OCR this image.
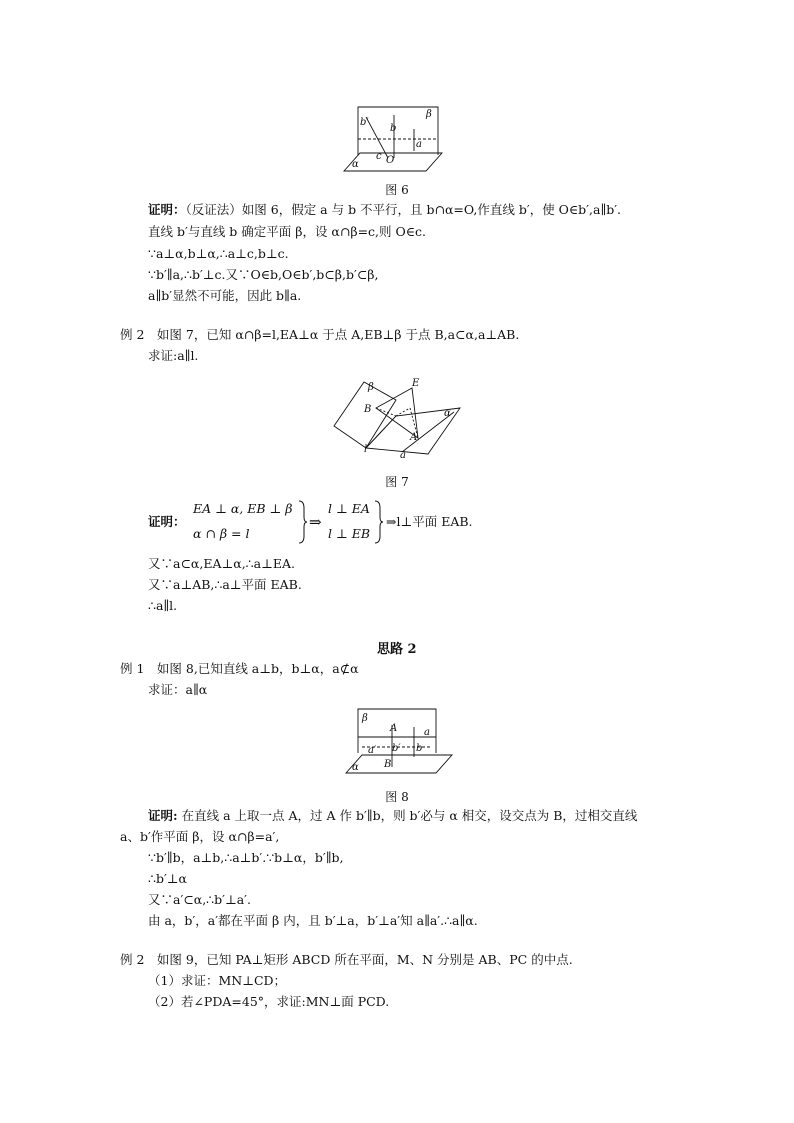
b′
b
β
a
α
c O
图 6
证明：（反证法）如图 6，假定 a 与 b 不平行，且 b∩α=O,作直线 b′，使 O∈b′,a∥b′.
直线 b′与直线 b 确定平面 β，设 α∩β=c,则 O∈c.
∵a⊥α,b⊥α,∴a⊥c,b⊥c.
∵b′∥a,∴b′⊥c.又∵O∈b,O∈b′,b⊂β,b′⊂β,
a∥b′显然不可能，因此 b∥a.
例 2　如图 7，已知 α∩β=l,EA⊥α 于点 A,EB⊥β 于点 B,a⊂α,a⊥AB.
求证:a∥l.
β	E
B	α
A
l
a
图 7
证明：
EA ⊥ α, EB ⊥ β
α ∩ β = l
⇒
l ⊥ EA
l ⊥ EB
⇒l⊥平面 EAB.
又∵a⊂α,EA⊥α,∴a⊥EA.
又∵a⊥AB,∴a⊥平面 EAB.
∴a∥l.
思路 2
例 1　如图 8,已知直线 a⊥b，b⊥α，a⊄α
求证：a∥α
β
A	a
a′ b′ b
α	B
图 8
证明: 在直线 a 上取一点 A，过 A 作 b′∥b，则 b′必与 α 相交，设交点为 B，过相交直线
a、b′作平面 β，设 α∩β=a′,
∵b′∥b，a⊥b,∴a⊥b′.∵b⊥α，b′∥b,
∴b′⊥α
又∵a′⊂α,∴b′⊥a′.
由 a，b′，a′都在平面 β 内，且 b′⊥a，b′⊥a′知 a∥a′.∴a∥α.
例 2　如图 9，已知 PA⊥矩形 ABCD 所在平面，M、N 分别是 AB、PC 的中点.
（1）求证：MN⊥CD；
（2）若∠PDA=45°，求证:MN⊥面 PCD.
